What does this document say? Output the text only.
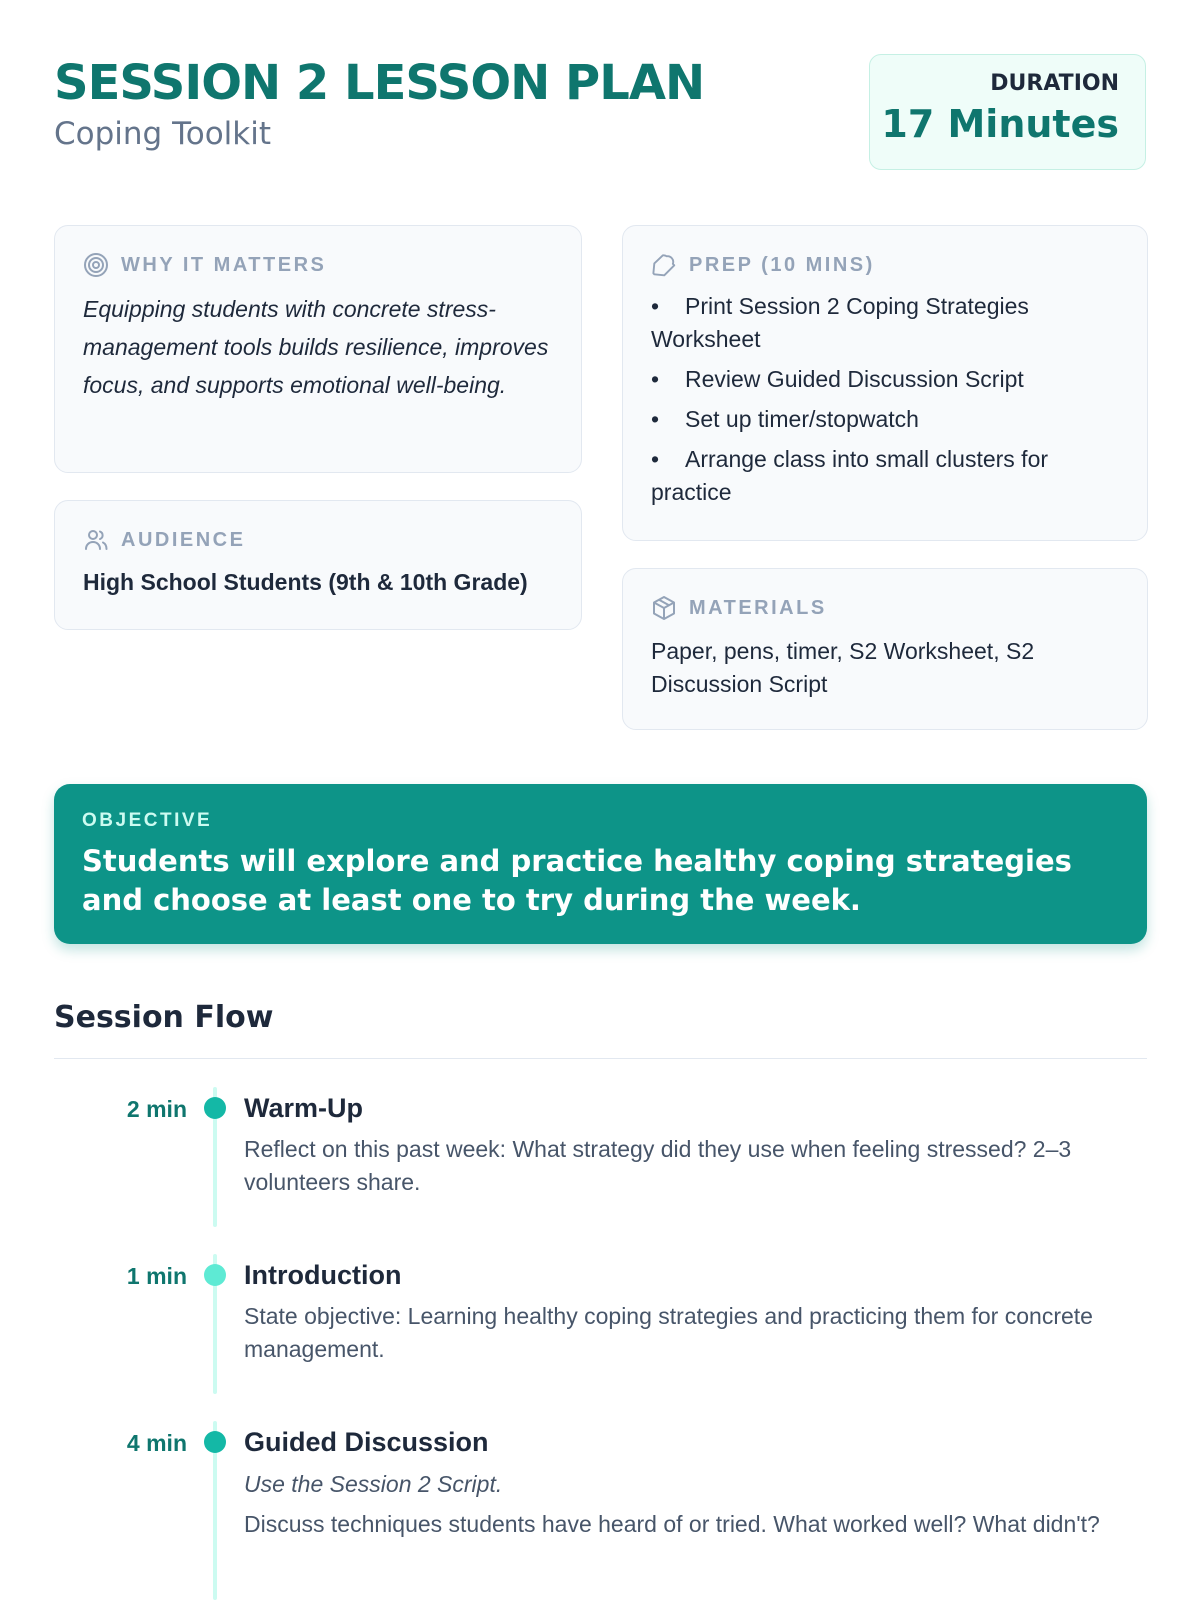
SESSION 2 LESSON PLAN
Coping Toolkit
DURATION
17 Minutes
WHY IT MATTERS

Equipping students with concrete stress-management tools builds resilience, improves focus, and supports emotional well-being.

AUDIENCE

High School Students (9th & 10th Grade)

PREP (10 MINS)
• Print Session 2 Coping Strategies Worksheet
• Review Guided Discussion Script
• Set up timer/stopwatch
• Arrange class into small clusters for practice
MATERIALS

Paper, pens, timer, S2 Worksheet, S2 Discussion Script

OBJECTIVE
Students will explore and practice healthy coping strategies and choose at least one to try during the week.
Session Flow
2 min Warm-Up
Reflect on this past week: What strategy did they use when feeling stressed? 2–3 volunteers share.
1 min Introduction
State objective: Learning healthy coping strategies and practicing them for concrete management.
4 min Guided Discussion
Use the Session 2 Script.
Discuss techniques students have heard of or tried. What worked well? What didn't?
